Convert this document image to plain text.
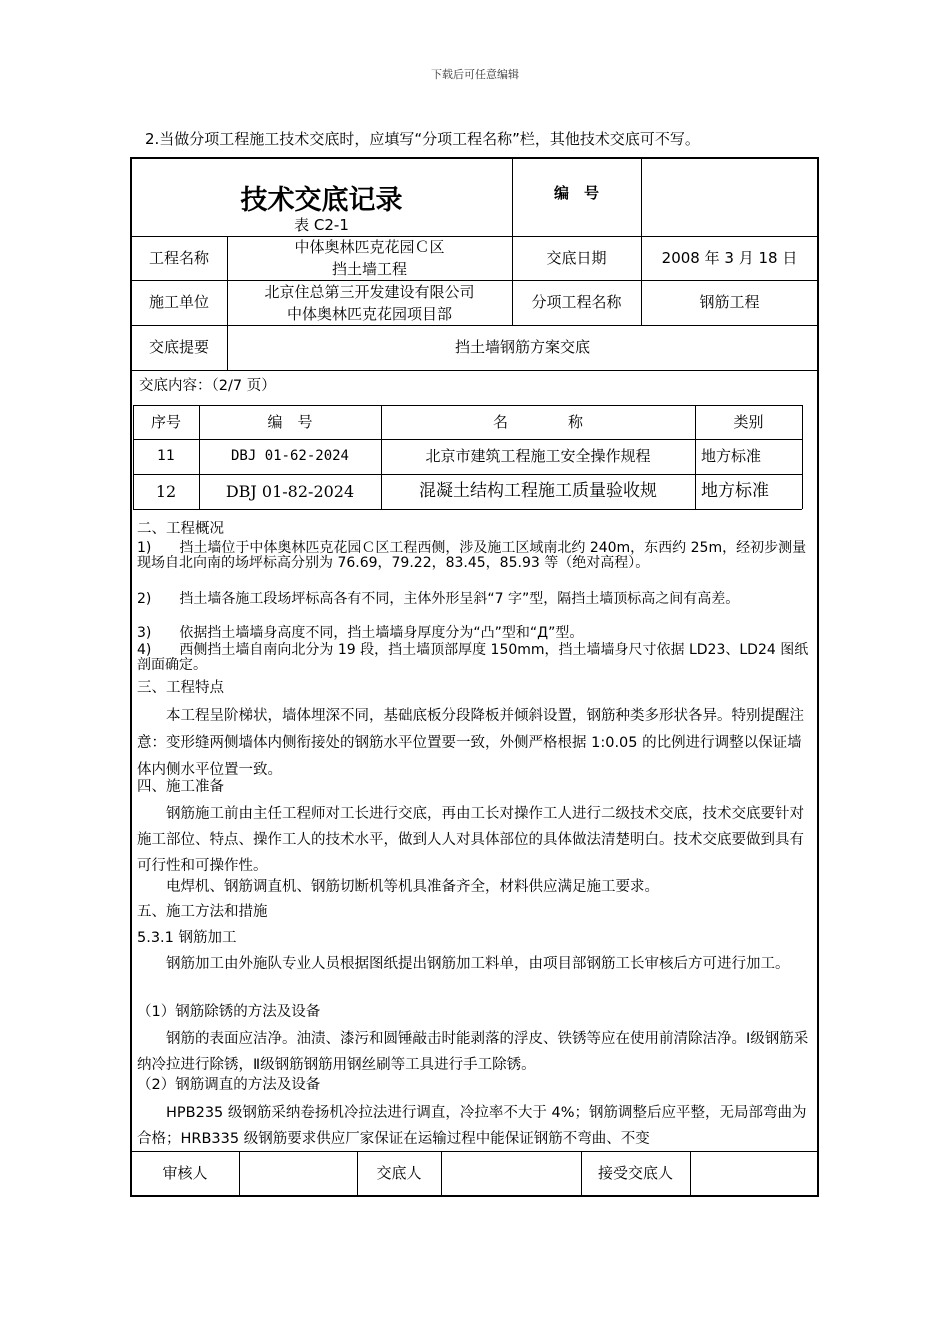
下载后可任意编辑
2.当做分项工程施工技术交底时，应填写“分项工程名称”栏，其他技术交底可不写。
技术交底记录
表 C2-1
编　号
工程名称
中体奥林匹克花园Ｃ区
挡土墙工程
交底日期	2008 年 3 月 18 日
施工单位
北京住总第三开发建设有限公司
中体奥林匹克花园项目部
分项工程名称	钢筋工程
交底提要	挡土墙钢筋方案交底
交底内容：（2/7 页）
序号	编　号	名　　　　称	类别
11	DBJ 01-62-2024	北京市建筑工程施工安全操作规程	地方标准
12	DBJ 01-82-2024	混凝土结构工程施工质量验收规	地方标准
二、工程概况
1)　　挡土墙位于中体奥林匹克花园Ｃ区工程西侧，涉及施工区域南北约 240m，东西约 25m，经初步测量现场自北向南的场坪标高分别为 76.69，79.22，83.45，85.93 等（绝对高程）。
2)　　挡土墙各施工段场坪标高各有不同，主体外形呈斜“7 字”型，隔挡土墙顶标高之间有高差。
3)　　依据挡土墙墙身高度不同，挡土墙墙身厚度分为“凸”型和“Д”型。
4)　　西侧挡土墙自南向北分为 19 段，挡土墙顶部厚度 150mm，挡土墙墙身尺寸依据 LD23、LD24 图纸剖面确定。
三、工程特点
本工程呈阶梯状，墙体埋深不同，基础底板分段降板并倾斜设置，钢筋种类多形状各异。特别提醒注意：变形缝两侧墙体内侧衔接处的钢筋水平位置要一致，外侧严格根据 1:0.05 的比例进行调整以保证墙体内侧水平位置一致。
四、施工准备
钢筋施工前由主任工程师对工长进行交底，再由工长对操作工人进行二级技术交底，技术交底要针对施工部位、特点、操作工人的技术水平，做到人人对具体部位的具体做法清楚明白。技术交底要做到具有可行性和可操作性。
电焊机、钢筋调直机、钢筋切断机等机具准备齐全，材料供应满足施工要求。
五、施工方法和措施
5.3.1 钢筋加工
钢筋加工由外施队专业人员根据图纸提出钢筋加工料单，由项目部钢筋工长审核后方可进行加工。
（1）钢筋除锈的方法及设备
钢筋的表面应洁净。油渍、漆污和圆锤敲击时能剥落的浮皮、铁锈等应在使用前清除洁净。Ⅰ级钢筋采纳冷拉进行除锈，Ⅱ级钢筋钢筋用钢丝刷等工具进行手工除锈。
（2）钢筋调直的方法及设备
HPB235 级钢筋采纳卷扬机冷拉法进行调直，冷拉率不大于 4%；钢筋调整后应平整，无局部弯曲为合格；HRB335 级钢筋要求供应厂家保证在运输过程中能保证钢筋不弯曲、不变
审核人	交底人	接受交底人
